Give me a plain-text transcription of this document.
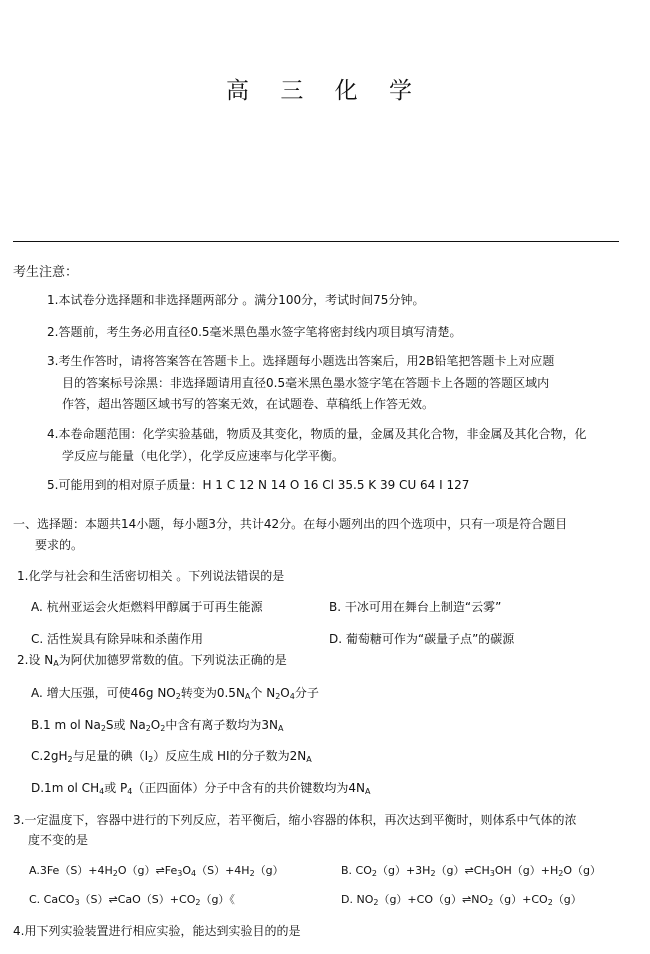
高 三 化 学
考生注意：
1.本试卷分选择题和非选择题两部分 。满分100分，考试时间75分钟。
2.答题前，考生务必用直径0.5毫米黑色墨水签字笔将密封线内项目填写清楚。
3.考生作答时，请将答案答在答题卡上。选择题每小题选出答案后，用2B铅笔把答题卡上对应题
目的答案标号涂黑：非选择题请用直径0.5毫米黑色墨水签字笔在答题卡上各题的答题区域内
作答，超出答题区域书写的答案无效，在试题卷、草稿纸上作答无效。
4.本卷命题范围：化学实验基础，物质及其变化，物质的量，金属及其化合物，非金属及其化合物，化
学反应与能量（电化学），化学反应速率与化学平衡。
5.可能用到的相对原子质量：H 1 C 12 N 14 O 16 Cl 35.5 K 39 CU 64 I 127
一、选择题：本题共14小题，每小题3分，共计42分。在每小题列出的四个选项中，只有一项是符合题目
要求的。
1.化学与社会和生活密切相关 。下列说法错误的是
A. 杭州亚运会火炬燃料甲醇属于可再生能源	B. 干冰可用在舞台上制造“云雾”
C. 活性炭具有除异味和杀菌作用	D. 葡萄糖可作为“碳量子点”的碳源
2.设 $N_A$为阿伏加德罗常数的值。下列说法正确的是
A. 增大压强，可使46g $NO_2$转变为$0.5N_A$个 $N_2O_4$分子
B.1 m ol $Na_2S$或 $Na_2O_2$中含有离子数均为$3N_A$
$C.2gH_2$与足量的碘$(I_2)$反应生成 HI的分子数为$2N_A$
D.1m ol $CH_4$或 $P_4$（正四面体）分子中含有的共价键数均为$4N_A$
3.一定温度下，容器中进行的下列反应，若平衡后，缩小容器的体积，再次达到平衡时，则体系中气体的浓
度不变的是
$A.3Fe(S)+4H_2O(g)\rightleftharpoons Fe_3O_4(S)+4H_2(g)$	B. $CO_2(g)+3H_2(g)\rightleftharpoons CH_3OH(g)+H_2O(g)$
C. $CaCO_3(S)\rightleftharpoons CaO(S)+CO_2(g)$《	D. $NO_2(g)+CO(g)\rightleftharpoons NO_2(g)+CO_2(g)$
4.用下列实验装置进行相应实验，能达到实验目的的是
